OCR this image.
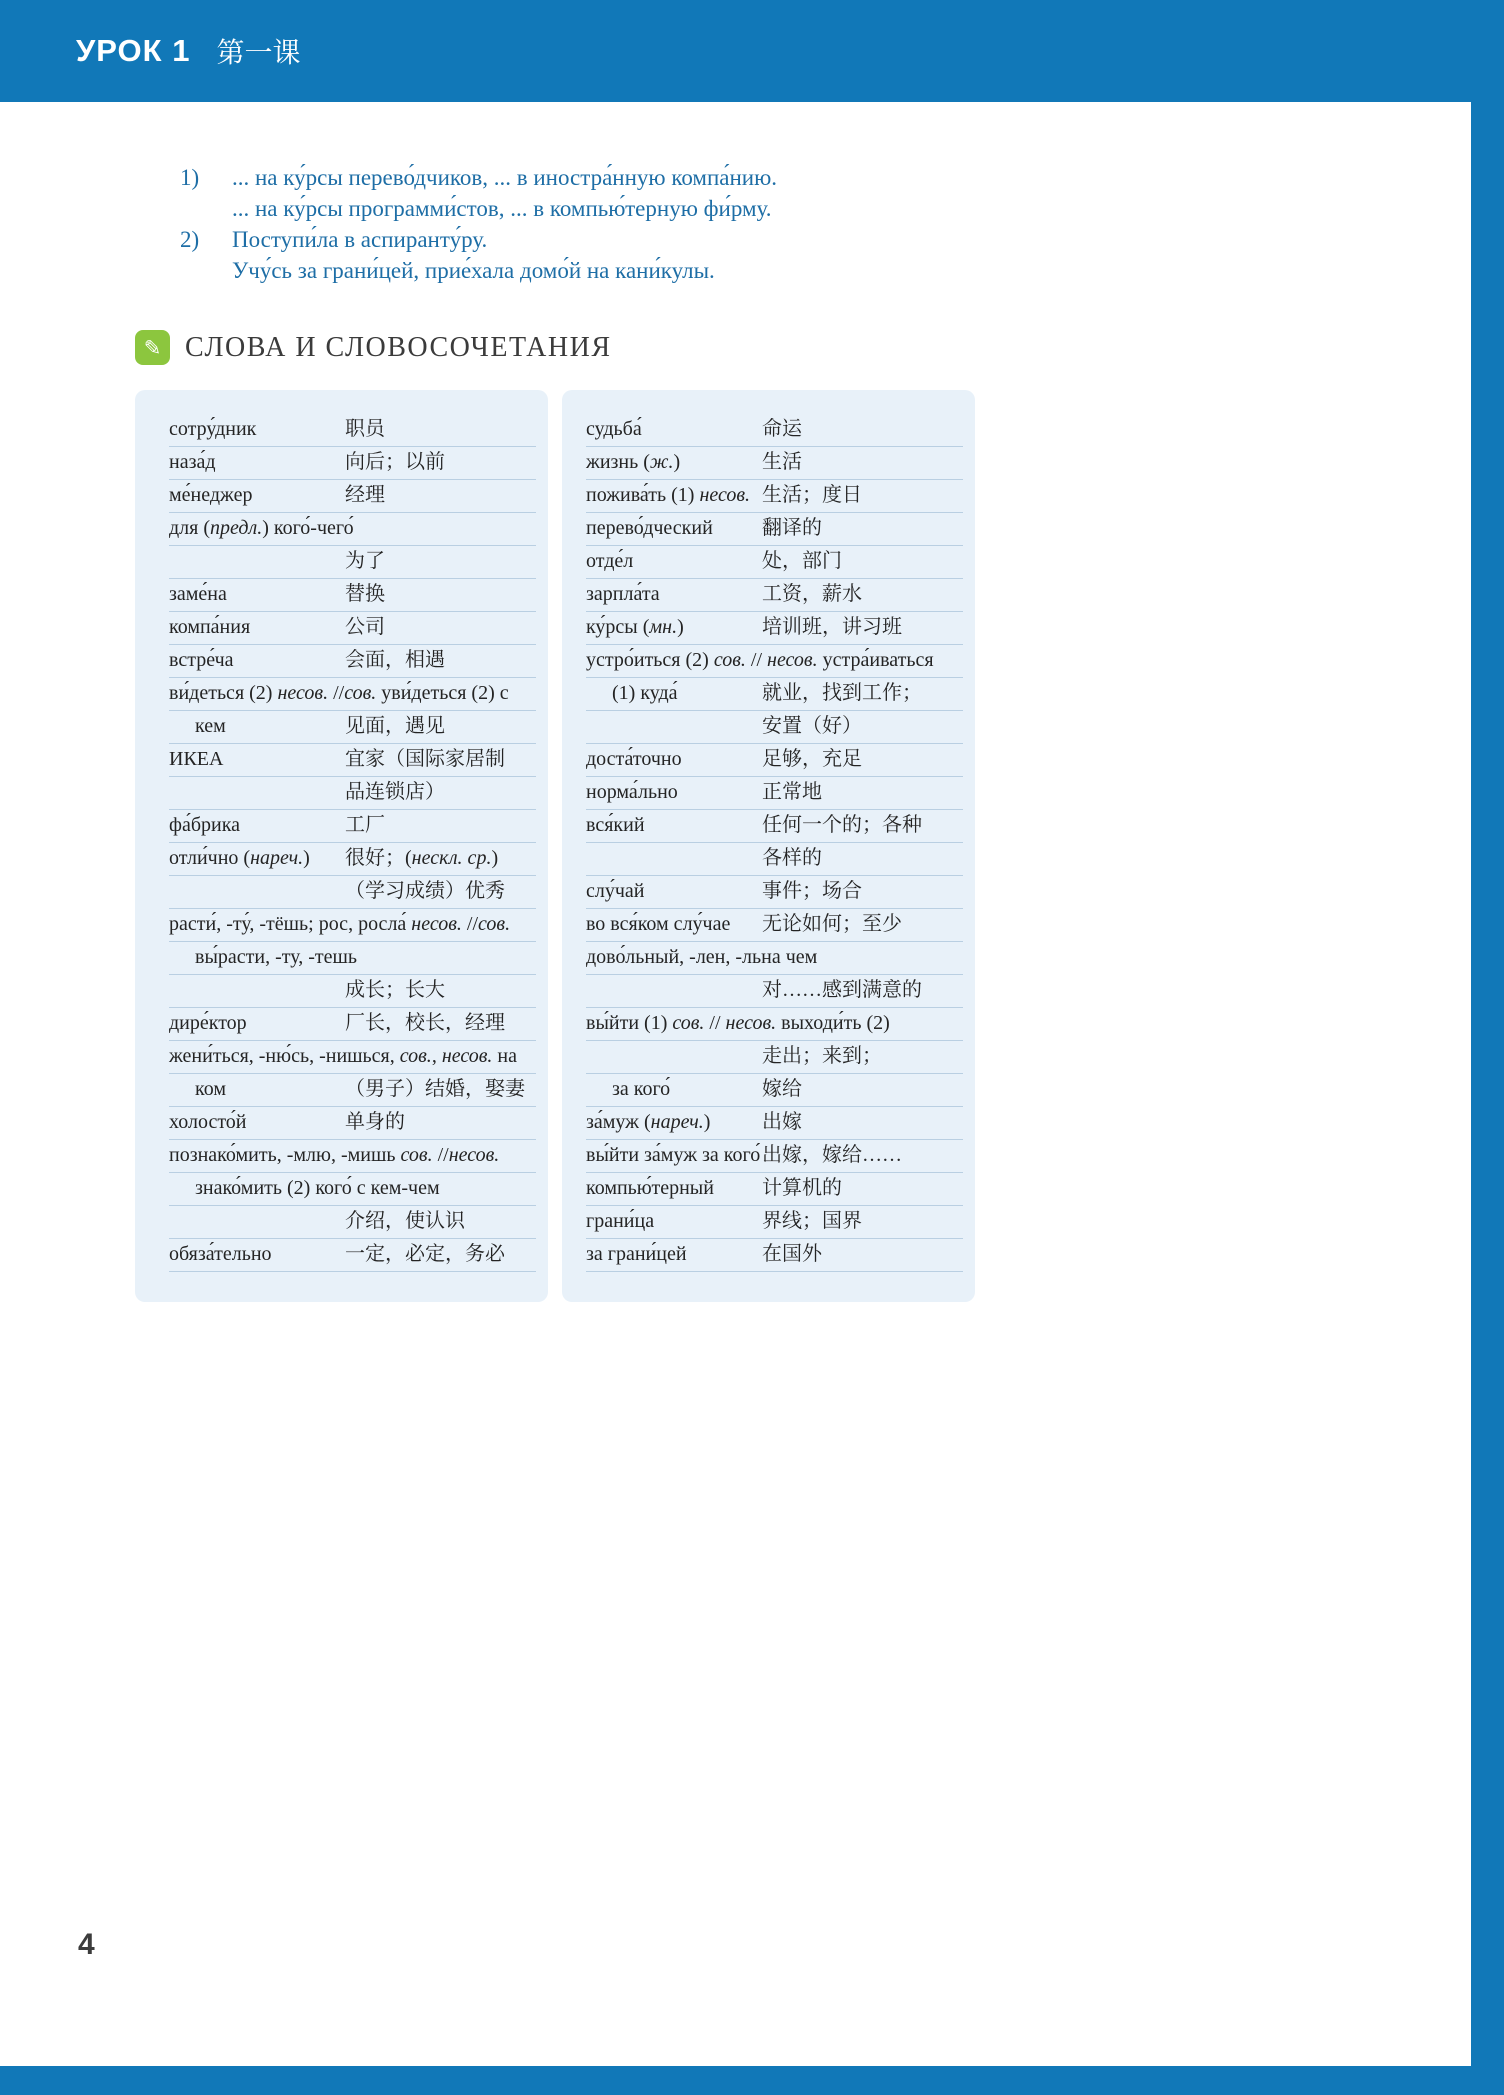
УРОК 1 第一课
1)	... на ку́рсы перево́дчиков, ... в иностра́нную компа́нию.
... на ку́рсы программи́стов, ... в компью́терную фи́рму.
2)	Поступи́ла в аспиранту́ру.
Учу́сь за грани́цей, прие́хала домо́й на кани́кулы.
✎ СЛОВА И СЛОВОСОЧЕТАНИЯ
сотру́дник	职员
наза́д	向后；以前
ме́неджер	经理
для (предл.) кого́-чего́
为了
заме́на	替换
компа́ния	公司
встре́ча	会面，相遇
ви́деться (2) несов. //сов. уви́деться (2) с
кем	见面，遇见
ИКЕА	宜家（国际家居制
品连锁店）
фа́брика	工厂
отли́чно (нареч.) 很好；(нескл. ср.)
（学习成绩）优秀
расти́, -ту́, -тёшь; рос, росла́ несов. //сов.
вы́расти, -ту, -тешь
成长；长大
дире́ктор	厂长，校长，经理
жени́ться, -ню́сь, -нишься, сов., несов. на
ком	（男子）结婚，娶妻
холосто́й	单身的
познако́мить, -млю, -мишь сов. //несов.
знако́мить (2) кого́ с кем-чем
介绍，使认识
обяза́тельно	一定，必定，务必
судьба́	命运
жизнь (ж.)	生活
пожива́ть (1) несов. 生活；度日
перево́дческий 翻译的
отде́л	处，部门
зарпла́та	工资，薪水
ку́рсы (мн.)	培训班，讲习班
устро́иться (2) сов. // несов. устра́иваться
(1) куда́	就业，找到工作；
安置（好）
доста́точно	足够，充足
норма́льно	正常地
вся́кий	任何一个的；各种
各样的
слу́чай	事件；场合
во вся́ком слу́чае 无论如何；至少
дово́льный, -лен, -льна чем
对……感到满意的
вы́йти (1) сов. // несов. выходи́ть (2)
走出；来到；
за кого́	嫁给
за́муж (нареч.)	出嫁
вы́йти за́муж за кого́ 出嫁，嫁给……
компью́терный 计算机的
грани́ца	界线；国界
за грани́цей	在国外
4
